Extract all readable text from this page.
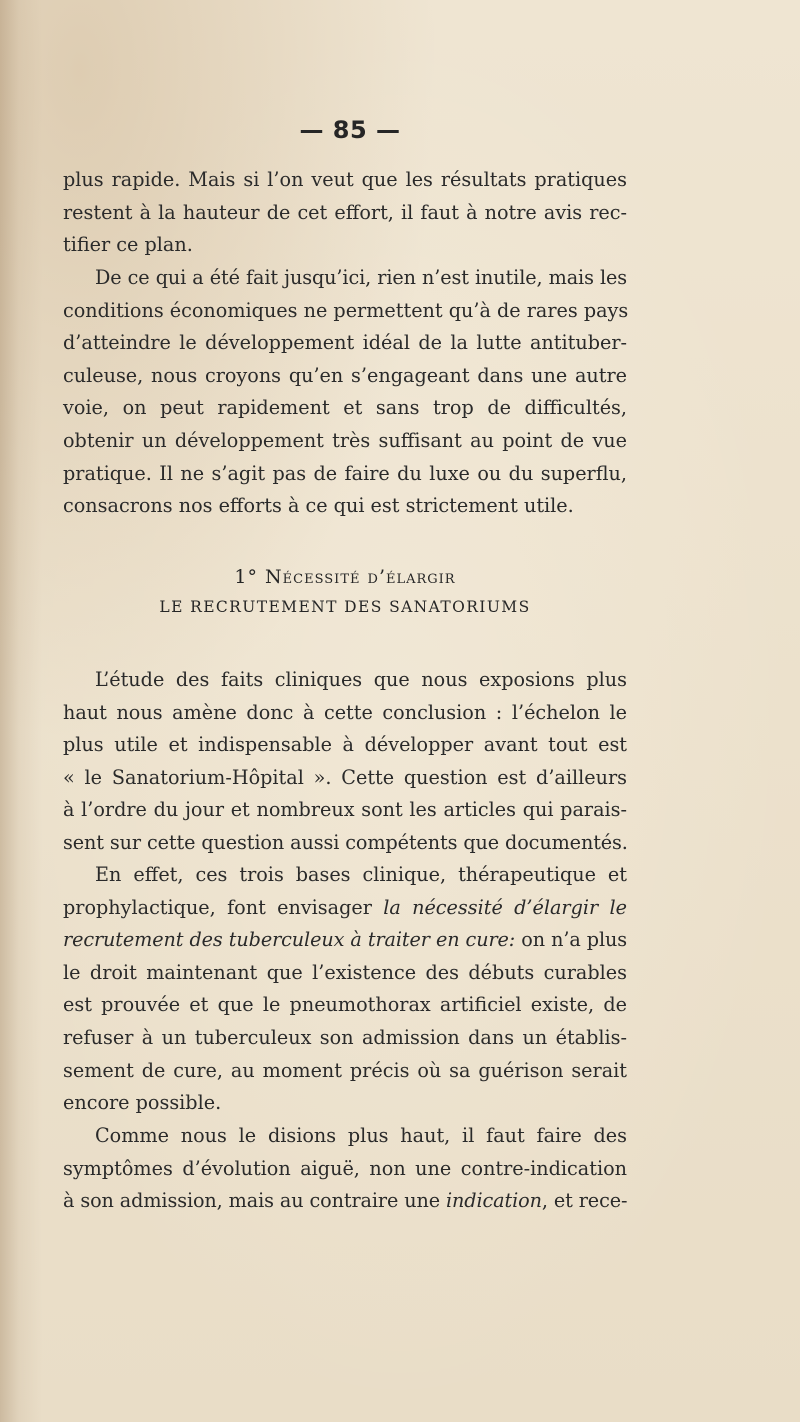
— 85 —
plus rapide. Mais si l’on veut que les résultats pratiques
restent à la hauteur de cet effort, il faut à notre avis rec-
tifier ce plan.
De ce qui a été fait jusqu’ici, rien n’est inutile, mais les
conditions économiques ne permettent qu’à de rares pays
d’atteindre le développement idéal de la lutte antituber-
culeuse, nous croyons qu’en s’engageant dans une autre
voie, on peut rapidement et sans trop de difficultés,
obtenir un développement très suffisant au point de vue
pratique. Il ne s’agit pas de faire du luxe ou du superflu,
consacrons nos efforts à ce qui est strictement utile.
1° Nécessité d’élargir
LE RECRUTEMENT DES SANATORIUMS
L’étude des faits cliniques que nous exposions plus
haut nous amène donc à cette conclusion : l’échelon le
plus utile et indispensable à développer avant tout est
« le Sanatorium-Hôpital ». Cette question est d’ailleurs
à l’ordre du jour et nombreux sont les articles qui parais-
sent sur cette question aussi compétents que documentés.
En effet, ces trois bases clinique, thérapeutique et
prophylactique, font envisager la nécessité d’élargir le
recrutement des tuberculeux à traiter en cure: on n’a plus
le droit maintenant que l’existence des débuts curables
est prouvée et que le pneumothorax artificiel existe, de
refuser à un tuberculeux son admission dans un établis-
sement de cure, au moment précis où sa guérison serait
encore possible.
Comme nous le disions plus haut, il faut faire des
symptômes d’évolution aiguë, non une contre-indication
à son admission, mais au contraire une indication, et rece-
